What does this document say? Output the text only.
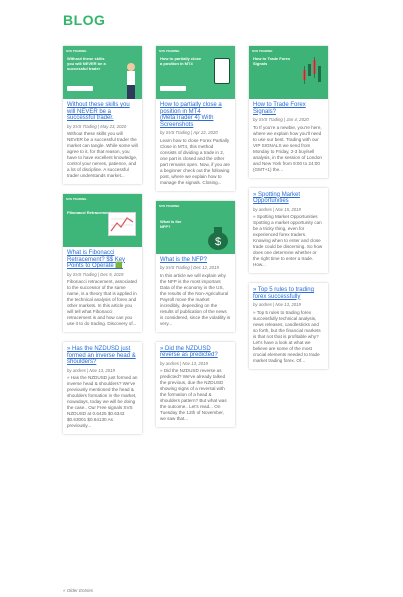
BLOG
SVS TRADING
Without these skills you will NEVER be a successful trader
Without these skills you will NEVER be a successful trader.
by SVS Trading | May 23, 2020
Without these skills you will NEVER be a successful trader the market can tangle. While some will agree to it, for that reason, you have to have excellent knowledge, control your nerves, patience, and a lot of discipline. A successful trader understands market...
SVS TRADING
Fibonacci Retracement
What is Fibonacci Retracement? $$ Key Points to Operate 🟩
by SVS Trading | Dec 9, 2019
Fibonacci retracement, associated to the successor of the same name, is a theory that is applied in the technical analysis of forex and other markets. In this article you will tell what Fibonacci retracement is and how can you use it to do trading. Discovery of...
» Has the NZDUSD just formed an inverse head & shoulders?
by andres | Nov 13, 2019
» Has the NZDUSD just formed an inverse head & shoulders? We've previously mentioned the head & shoulders formation in the market, nowadays, today we will be doing the case.. Our Free signals SVS NZDUSD at 0.6425 $0.6343 $0.63001 $0.64130 As previously...
SVS TRADING
How to partially close a position in MT4
How to partially close a position in MT4 (MetaTrader 4) With Screenshots
by SVS Trading | Apr 22, 2020
Learn how to close Forex Partially Close in MT4, this method consists of dividing a trade in 2, one part is closed and the other part remains open. Now, if you are a beginner check out the following post, where we explain how to manage the signals. Closing...
SVS TRADING
What is the NFP?
$
What is the NFP?
by SVS Trading | Dec 12, 2019
In this article we will explain why the NFP is the most important Data of the economy in the US, the results of the Non-Agricultural Payroll move the market incredibly, depending on the results of publication of the news is considered, since the volatility is very...
» Did the NZDUSD reverse as predicted?
by andres | Nov 13, 2019
» Did the NZDUSD reverse as predicted? We've already talked the previous, due the NZDUSD showing signs of a reversal with the formation of a head & shoulders pattern? But what was the outcome.. Let's read... On Tuesday the 12th of November, we saw that...
SVS TRADING
How to Trade Forex Signals
How to Trade Forex Signals?
by SVS Trading | Jan 4, 2020
To If you're a newbie, you're here, where we explain how you'll need to use our best. Trading with our VIP SIGNALS we send from Monday to Friday, 2-3 buy/sell analysis, in the session of London and New York from 9:00 to 24:00 (GMT+1) the...
» Spotting Market Opportunities
by andres | Nov 15, 2019
» Spotting Market Opportunities Spotting a market opportunity can be a tricky thing, even for experienced forex traders. Knowing when to enter and close trade could be discerning. So how does one determine whether or the right time to enter a trade. How...
» Top 5 rules to trading forex successfully
by andres | Nov 13, 2019
» Top 5 rules to trading forex successfully technical analysis, news releases, candlesticks and so forth, but the financial markets is that not that is profitable why? Let's have a look at what we believe are some of the most crucial elements needed to trade market trading forex. Of...
« Older Entries
